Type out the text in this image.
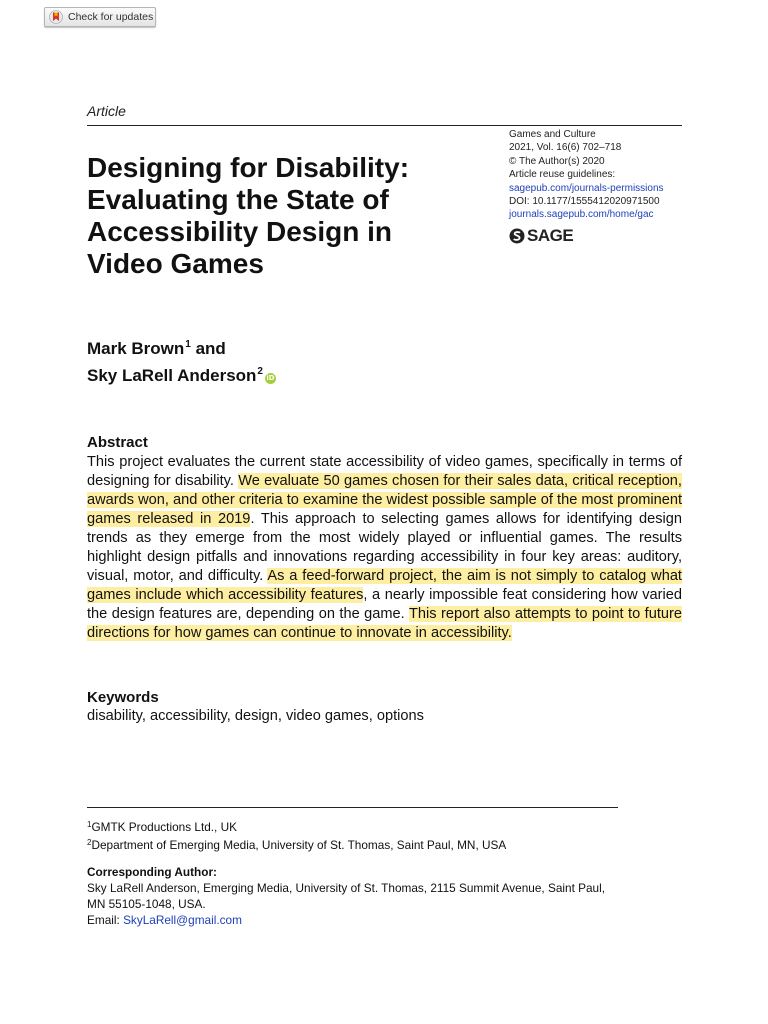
Check for updates
Article
Games and Culture
2021, Vol. 16(6) 702–718
© The Author(s) 2020
Article reuse guidelines:
sagepub.com/journals-permissions
DOI: 10.1177/1555412020971500
journals.sagepub.com/home/gac
SAGE
Designing for Disability:
Evaluating the State of
Accessibility Design in
Video Games
Mark Brown$^1$ and
Sky LaRell Anderson$^2$iD
Abstract

This project evaluates the current state accessibility of video games, specifically in terms of designing for disability. We evaluate 50 games chosen for their sales data, critical reception, awards won, and other criteria to examine the widest possible sample of the most prominent games released in 2019. This approach to selecting games allows for identifying design trends as they emerge from the most widely played or influential games. The results highlight design pitfalls and innovations regarding accessibility in four key areas: auditory, visual, motor, and difficulty. As a feed-forward project, the aim is not simply to catalog what games include which accessibility features, a nearly impossible feat considering how varied the design features are, depending on the game. This report also attempts to point to future directions for how games can continue to innovate in accessibility.

Keywords
disability, accessibility, design, video games, options
$^1$GMTK Productions Ltd., UK
$^2$Department of Emerging Media, University of St. Thomas, Saint Paul, MN, USA
Corresponding Author:
Sky LaRell Anderson, Emerging Media, University of St. Thomas, 2115 Summit Avenue, Saint Paul,
MN 55105-1048, USA.
Email: SkyLaRell@gmail.com
